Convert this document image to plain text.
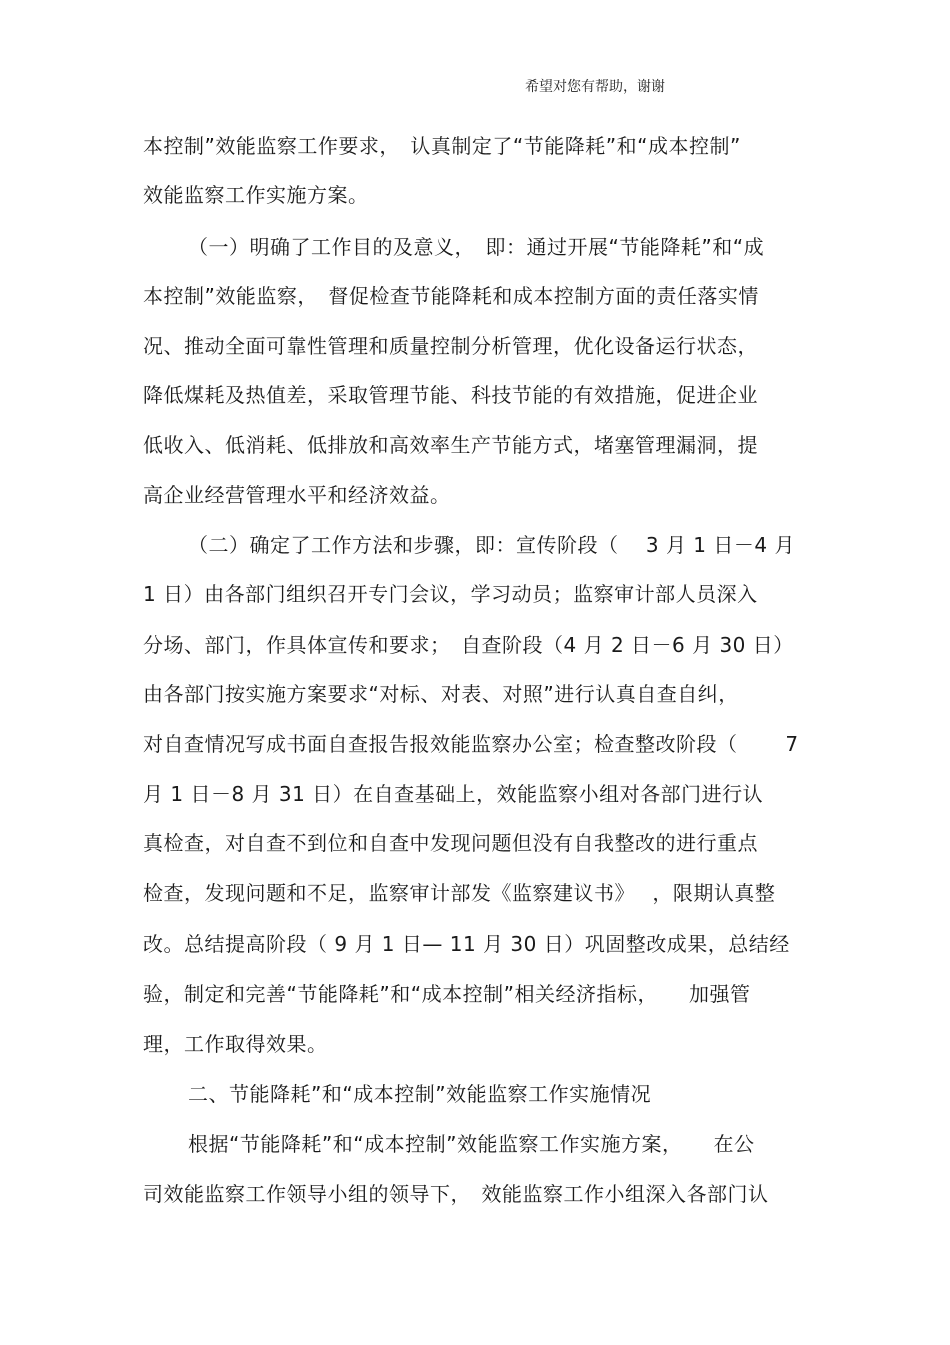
希望对您有帮助，谢谢
本控制”效能监察工作要求，　认真制定了“节能降耗”和“成本控制”
效能监察工作实施方案。
（一）明确了工作目的及意义，　即：通过开展“节能降耗”和“成
本控制”效能监察，　督促检查节能降耗和成本控制方面的责任落实情
况、推动全面可靠性管理和质量控制分析管理，优化设备运行状态，
降低煤耗及热值差，采取管理节能、科技节能的有效措施，促进企业
低收入、低消耗、低排放和高效率生产节能方式，堵塞管理漏洞，提
高企业经营管理水平和经济效益。
（二）确定了工作方法和步骤，即：宣传阶段（　 3 月 1 日－4 月
1 日）由各部门组织召开专门会议，学习动员；监察审计部人员深入
分场、部门，作具体宣传和要求；　自查阶段（4 月 2 日－6 月 30 日）
由各部门按实施方案要求“对标、对表、对照”进行认真自查自纠，
对自查情况写成书面自查报告报效能监察办公室；检查整改阶段（　　 7
月 1 日－8 月 31 日）在自查基础上，效能监察小组对各部门进行认
真检查，对自查不到位和自查中发现问题但没有自我整改的进行重点
检查，发现问题和不足，监察审计部发《监察建议书》　 ，限期认真整
改。总结提高阶段（ 9 月 1 日— 11 月 30 日）巩固整改成果，总结经
验，制定和完善“节能降耗”和“成本控制”相关经济指标，　　加强管
理，工作取得效果。
二、节能降耗”和“成本控制”效能监察工作实施情况
根据“节能降耗”和“成本控制”效能监察工作实施方案，　　在公
司效能监察工作领导小组的领导下，　效能监察工作小组深入各部门认
